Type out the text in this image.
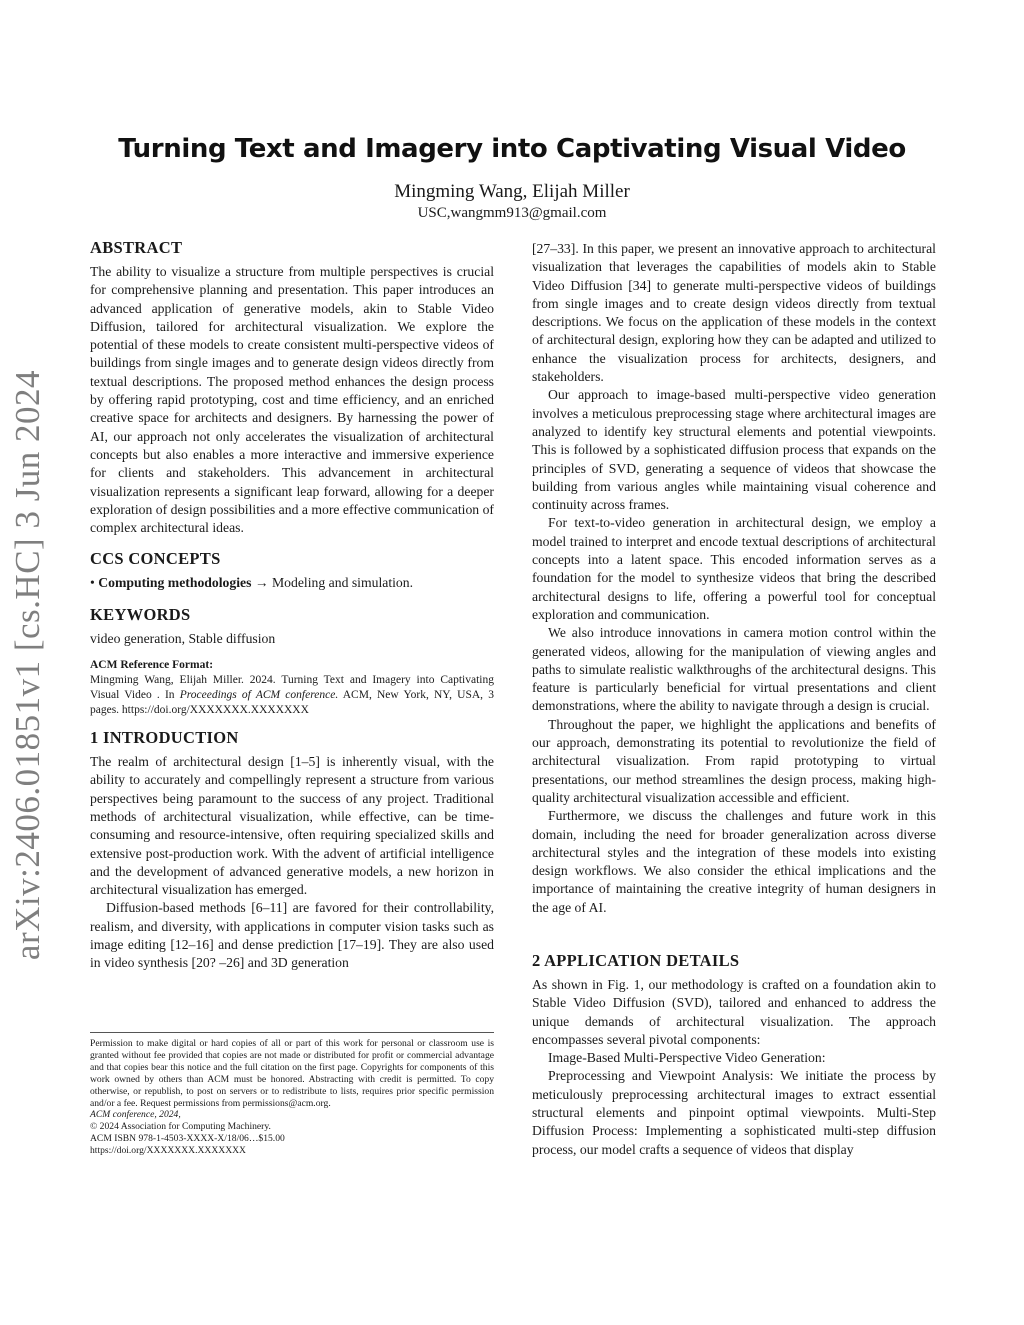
arXiv:2406.01851v1 [cs.HC] 3 Jun 2024
Turning Text and Imagery into Captivating Visual Video
Mingming Wang, Elijah Miller
USC,wangmm913@gmail.com
ABSTRACT

The ability to visualize a structure from multiple perspectives is crucial for comprehensive planning and presentation. This paper introduces an advanced application of generative models, akin to Stable Video Diffusion, tailored for architectural visualization. We explore the potential of these models to create consistent multi-perspective videos of buildings from single images and to generate design videos directly from textual descriptions. The proposed method enhances the design process by offering rapid prototyping, cost and time efficiency, and an enriched creative space for architects and designers. By harnessing the power of AI, our approach not only accelerates the visualization of architectural concepts but also enables a more interactive and immersive experience for clients and stakeholders. This advancement in architectural visualization represents a significant leap forward, allowing for a deeper exploration of design possibilities and a more effective communication of complex architectural ideas.

CCS CONCEPTS
• Computing methodologies → Modeling and simulation.
KEYWORDS

video generation, Stable diffusion

ACM Reference Format:

Mingming Wang, Elijah Miller. 2024. Turning Text and Imagery into Captivating Visual Video . In Proceedings of ACM conference. ACM, New York, NY, USA, 3 pages. https://doi.org/XXXXXXX.XXXXXXX

1 INTRODUCTION

The realm of architectural design [1–5] is inherently visual, with the ability to accurately and compellingly represent a structure from various perspectives being paramount to the success of any project. Traditional methods of architectural visualization, while effective, can be time-consuming and resource-intensive, often requiring specialized skills and extensive post-production work. With the advent of artificial intelligence and the development of advanced generative models, a new horizon in architectural visualization has emerged.

Diffusion-based methods [6–11] are favored for their controllability, realism, and diversity, with applications in computer vision tasks such as image editing [12–16] and dense prediction [17–19]. They are also used in video synthesis [20? –26] and 3D generation

[27–33]. In this paper, we present an innovative approach to architectural visualization that leverages the capabilities of models akin to Stable Video Diffusion [34] to generate multi-perspective videos of buildings from single images and to create design videos directly from textual descriptions. We focus on the application of these models in the context of architectural design, exploring how they can be adapted and utilized to enhance the visualization process for architects, designers, and stakeholders.

Our approach to image-based multi-perspective video generation involves a meticulous preprocessing stage where architectural images are analyzed to identify key structural elements and potential viewpoints. This is followed by a sophisticated diffusion process that expands on the principles of SVD, generating a sequence of videos that showcase the building from various angles while maintaining visual coherence and continuity across frames.

For text-to-video generation in architectural design, we employ a model trained to interpret and encode textual descriptions of architectural concepts into a latent space. This encoded information serves as a foundation for the model to synthesize videos that bring the described architectural designs to life, offering a powerful tool for conceptual exploration and communication.

We also introduce innovations in camera motion control within the generated videos, allowing for the manipulation of viewing angles and paths to simulate realistic walkthroughs of the architectural designs. This feature is particularly beneficial for virtual presentations and client demonstrations, where the ability to navigate through a design is crucial.

Throughout the paper, we highlight the applications and benefits of our approach, demonstrating its potential to revolutionize the field of architectural visualization. From rapid prototyping to virtual presentations, our method streamlines the design process, making high-quality architectural visualization accessible and efficient.

Furthermore, we discuss the challenges and future work in this domain, including the need for broader generalization across diverse architectural styles and the integration of these models into existing design workflows. We also consider the ethical implications and the importance of maintaining the creative integrity of human designers in the age of AI.

2 APPLICATION DETAILS

As shown in Fig. 1, our methodology is crafted on a foundation akin to Stable Video Diffusion (SVD), tailored and enhanced to address the unique demands of architectural visualization. The approach encompasses several pivotal components:

Image-Based Multi-Perspective Video Generation:

Preprocessing and Viewpoint Analysis: We initiate the process by meticulously preprocessing architectural images to extract essential structural elements and pinpoint optimal viewpoints. Multi-Step Diffusion Process: Implementing a sophisticated multi-step diffusion process, our model crafts a sequence of videos that display

Permission to make digital or hard copies of all or part of this work for personal or classroom use is granted without fee provided that copies are not made or distributed for profit or commercial advantage and that copies bear this notice and the full citation on the first page. Copyrights for components of this work owned by others than ACM must be honored. Abstracting with credit is permitted. To copy otherwise, or republish, to post on servers or to redistribute to lists, requires prior specific permission and/or a fee. Request permissions from permissions@acm.org.

ACM conference, 2024,
© 2024 Association for Computing Machinery.
ACM ISBN 978-1-4503-XXXX-X/18/06…$15.00
https://doi.org/XXXXXXX.XXXXXXX
